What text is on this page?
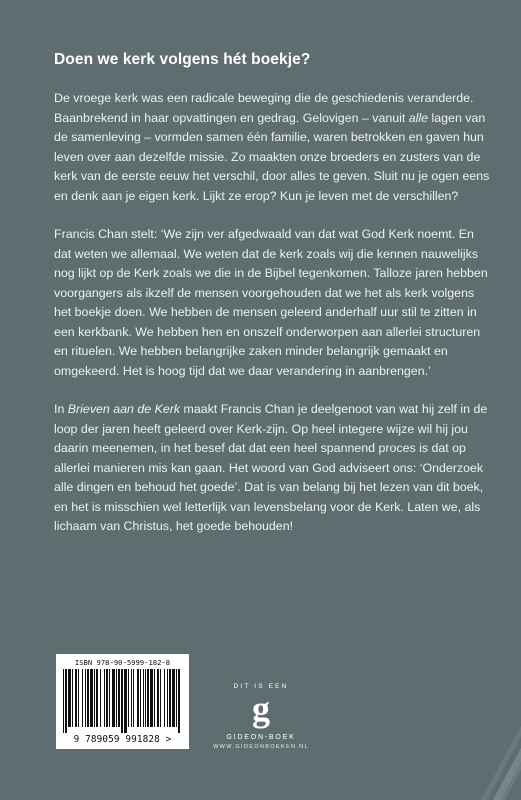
Doen we kerk volgens hét boekje?

De vroege kerk was een radicale beweging die de geschiedenis veranderde. Baanbrekend in haar opvattingen en gedrag. Gelovigen – vanuit alle lagen van de samenleving – vormden samen één familie, waren betrokken en gaven hun leven over aan dezelfde missie. Zo maakten onze broeders en zusters van de kerk van de eerste eeuw het verschil, door alles te geven. Sluit nu je ogen eens en denk aan je eigen kerk. Lijkt ze erop? Kun je leven met de verschillen?

Francis Chan stelt: ‘We zijn ver afgedwaald van dat wat God Kerk noemt. En dat weten we allemaal. We weten dat de kerk zoals wij die kennen nauwelijks nog lijkt op de Kerk zoals we die in de Bijbel tegenkomen. Talloze jaren hebben voorgangers als ikzelf de mensen voorgehouden dat we het als kerk volgens het boekje doen. We hebben de mensen geleerd anderhalf uur stil te zitten in een kerkbank. We hebben hen en onszelf onderworpen aan allerlei structuren en rituelen. We hebben belangrijke zaken minder belangrijk gemaakt en omgekeerd. Het is hoog tijd dat we daar verandering in aanbrengen.’

In Brieven aan de Kerk maakt Francis Chan je deelgenoot van wat hij zelf in de loop der jaren heeft geleerd over Kerk-zijn. Op heel integere wijze wil hij jou daarin meenemen, in het besef dat dat een heel spannend proces is dat op allerlei manieren mis kan gaan. Het woord van God adviseert ons: ‘Onderzoek alle dingen en behoud het goede’. Dat is van belang bij het lezen van dit boek, en het is misschien wel letterlijk van levensbelang voor de Kerk. Laten we, als lichaam van Christus, het goede behouden!

ISBN 978-90-5999-182-8
9 789059 991828 >
DIT IS EEN
g
GIDEON-BOEK
WWW.GIDEONBOEKEN.NL
